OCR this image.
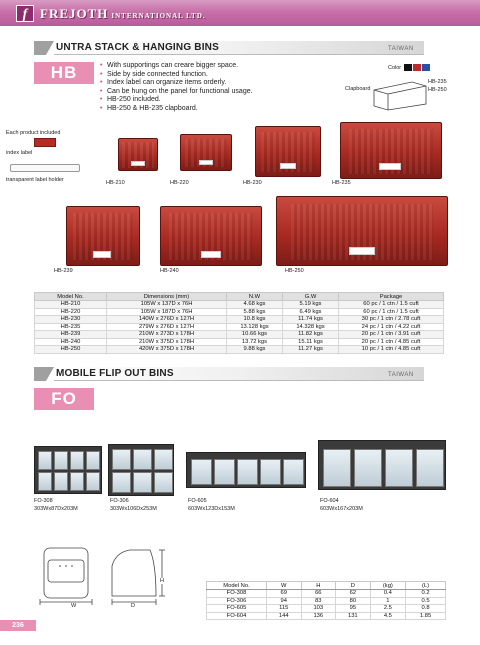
f FREJOTH INTERNATIONAL LTD.
UNTRA STACK & HANGING BINS	TAIWAN
HB	• With supportings can creare bigger space.
• Side by side connected function.
• Index label can organize items orderly.
• Can be hung on the panel for functional usage.
• HB-250 included.
• HB-250 & HB-235 clapboard.
Color
Clapboard
HB-235
HB-250
Each product included
index label
transparent label holder	HB-210	HB-220	HB-230	HB-235
HB-239	HB-240	HB-250
Model No.	Dimensions (mm)	N.W	G.W	Package
HB-210	105W x 137D x 76H	4.68 kgs	5.19 kgs	60 pc / 1 ctn / 1.5 cuft
HB-220	105W x 187D x 76H	5.88 kgs	6.49 kgs	60 pc / 1 ctn / 1.5 cuft
HB-230	140W x 276D x 127H	10.8 kgs	11.74 kgs	30 pc / 1 ctn / 2.78 cuft
HB-235	279W x 276D x 127H	13.128 kgs	14.328 kgs	24 pc / 1 ctn / 4.22 cuft
HB-239	210W x 273D x 178H	10.66 kgs	11.82 kgs	20 pc / 1 ctn / 3.91 cuft
HB-240	210W x 375D x 178H	13.72 kgs	15.11 kgs	20 pc / 1 ctn / 4.85 cuft
HB-250	420W x 375D x 178H	9.88 kgs	11.27 kgs	10 pc / 1 ctn / 4.85 cuft
MOBILE FLIP OUT BINS	TAIWAN
FO
FO-308
303Wx87Dx203M
FO-306
303Wx106Dx253M
FO-605
603Wx123Dx153M
FO-604
603Wx167x203M
W	D
H
Model No.	W	H	D	(kg)	(L)
FO-308	69	66	62	0.4	0.2
FO-306	94	83	80	1	0.5
FO-605	115	103	95	2.5	0.8
FO-604	144	136	131	4.5	1.85
236
